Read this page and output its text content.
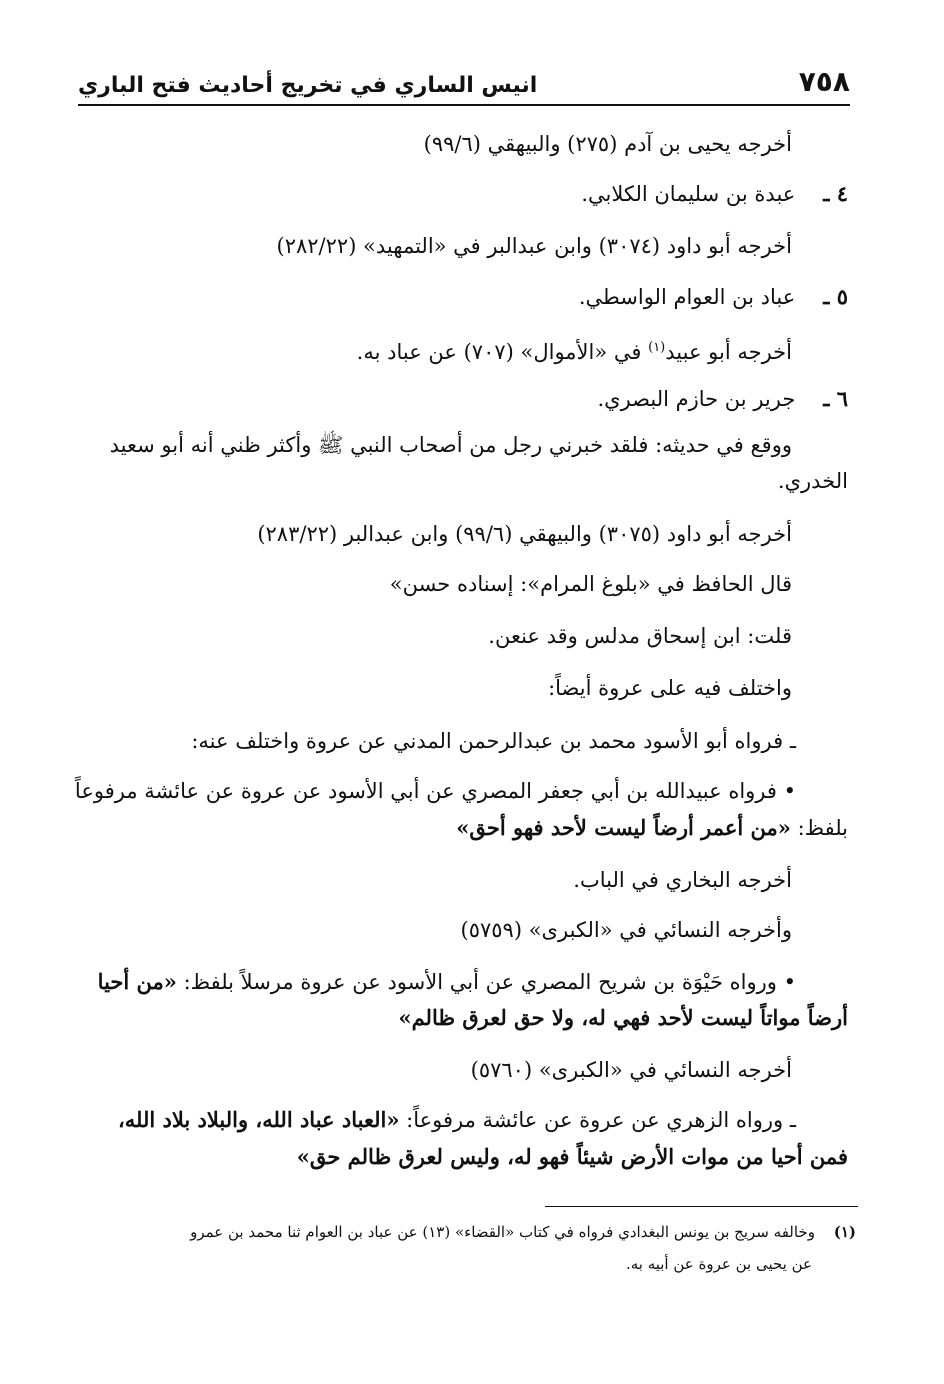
٧٥٨
انيس الساري في تخريج أحاديث فتح الباري
أخرجه يحيى بن آدم (٢٧٥) والبيهقي (٩٩/٦)
٤ ـ عبدة بن سليمان الكلابي.
أخرجه أبو داود (٣٠٧٤) وابن عبدالبر في «التمهيد» (٢٨٢/٢٢)
٥ ـ عباد بن العوام الواسطي.
أخرجه أبو عبيد$^{(١)}$ في «الأموال» (٧٠٧) عن عباد به.
٦ ـ جرير بن حازم البصري.
ووقع في حديثه: فلقد خبرني رجل من أصحاب النبي ﷺ وأكثر ظني أنه أبو سعيد
الخدري.
أخرجه أبو داود (٣٠٧٥) والبيهقي (٩٩/٦) وابن عبدالبر (٢٨٣/٢٢)
قال الحافظ في «بلوغ المرام»: إسناده حسن»
قلت: ابن إسحاق مدلس وقد عنعن.
واختلف فيه على عروة أيضاً:
ـ فرواه أبو الأسود محمد بن عبدالرحمن المدني عن عروة واختلف عنه:
• فرواه عبيدالله بن أبي جعفر المصري عن أبي الأسود عن عروة عن عائشة مرفوعاً
بلفظ: «من أعمر أرضاً ليست لأحد فهو أحق»
أخرجه البخاري في الباب.
وأخرجه النسائي في «الكبرى» (٥٧٥٩)
• ورواه حَيْوَة بن شريح المصري عن أبي الأسود عن عروة مرسلاً بلفظ: «من أحيا
أرضاً مواتاً ليست لأحد فهي له، ولا حق لعرق ظالم»
أخرجه النسائي في «الكبرى» (٥٧٦٠)
ـ ورواه الزهري عن عروة عن عائشة مرفوعاً: «العباد عباد الله، والبلاد بلاد الله،
فمن أحيا من موات الأرض شيئاً فهو له، وليس لعرق ظالم حق»
(١) وخالفه سريج بن يونس البغدادي فرواه في كتاب «القضاء» (١٣) عن عباد بن العوام ثنا محمد بن عمرو
عن يحيى بن عروة عن أبيه به.
